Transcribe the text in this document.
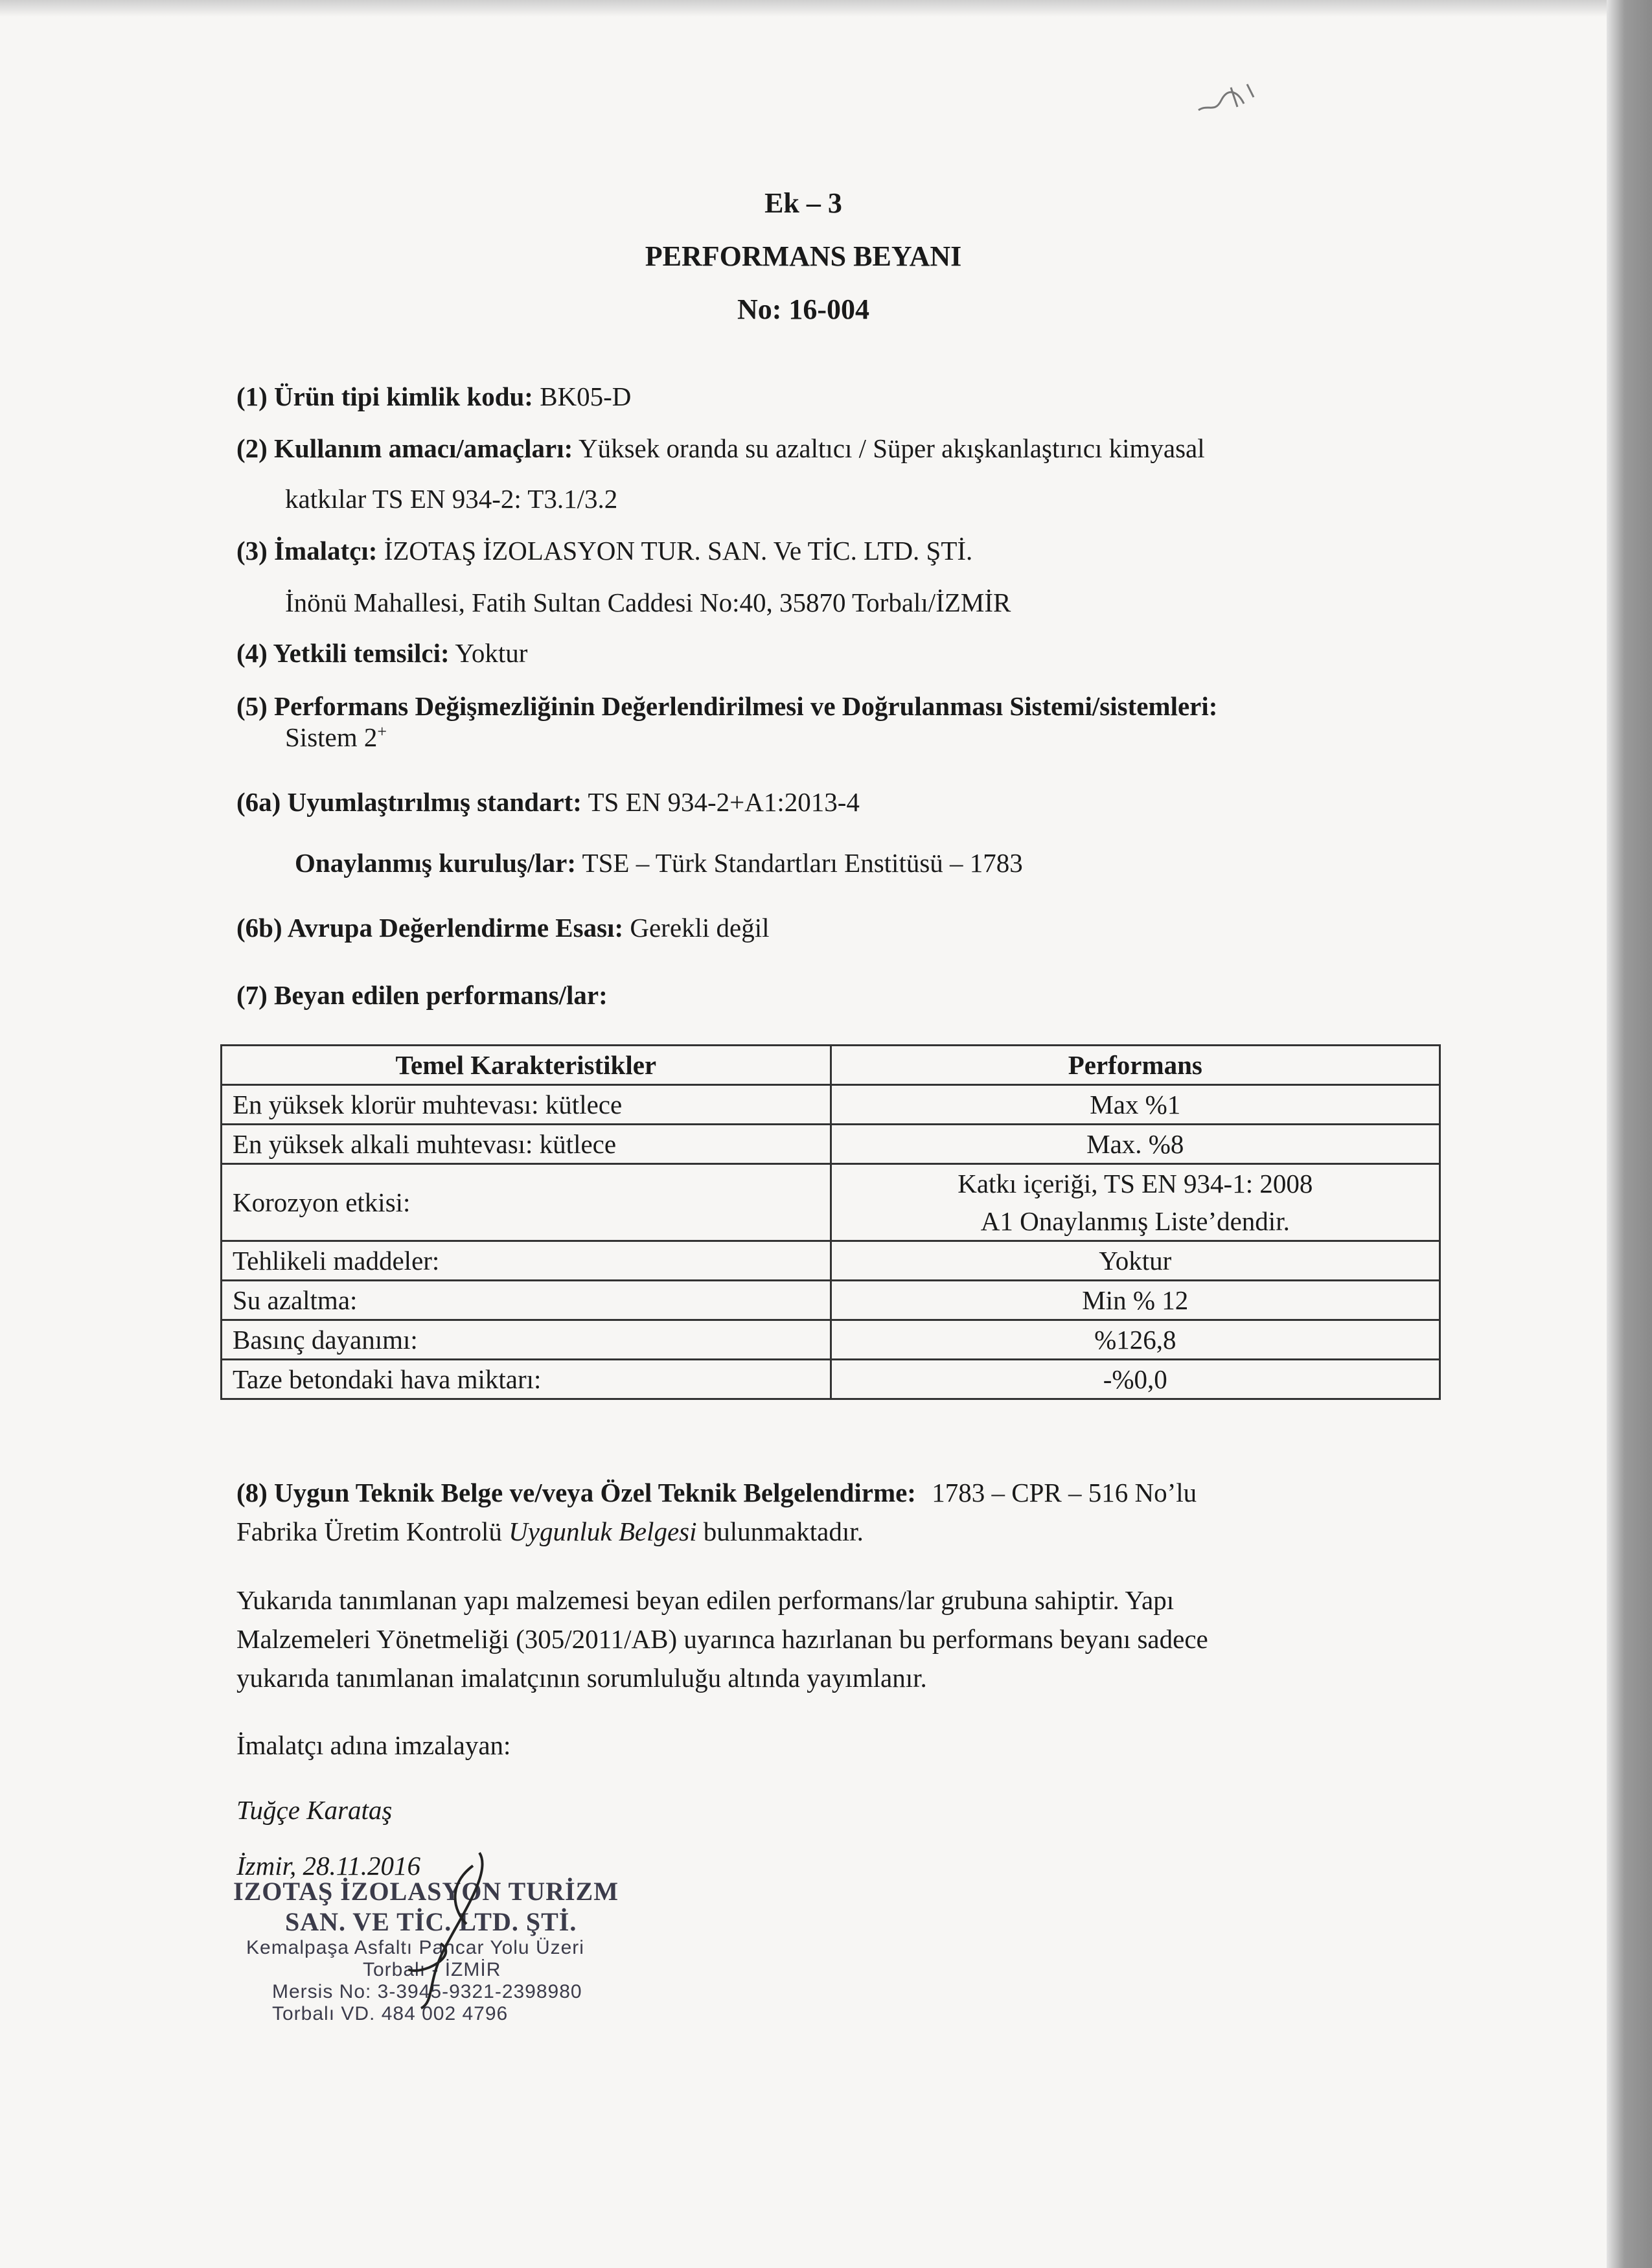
Ek – 3
PERFORMANS BEYANI
No: 16-004
(1) Ürün tipi kimlik kodu: BK05-D
(2) Kullanım amacı/amaçları: Yüksek oranda su azaltıcı / Süper akışkanlaştırıcı kimyasal
katkılar TS EN 934-2: T3.1/3.2
(3) İmalatçı: İZOTAŞ İZOLASYON TUR. SAN. Ve TİC. LTD. ŞTİ.
İnönü Mahallesi, Fatih Sultan Caddesi No:40, 35870 Torbalı/İZMİR
(4) Yetkili temsilci: Yoktur
(5) Performans Değişmezliğinin Değerlendirilmesi ve Doğrulanması Sistemi/sistemleri:
Sistem 2+
(6a) Uyumlaştırılmış standart: TS EN 934-2+A1:2013-4
Onaylanmış kuruluş/lar: TSE – Türk Standartları Enstitüsü – 1783
(6b) Avrupa Değerlendirme Esası: Gerekli değil
(7) Beyan edilen performans/lar:
Temel Karakteristikler	Performans
En yüksek klorür muhtevası: kütlece	Max %1
En yüksek alkali muhtevası: kütlece	Max. %8
Korozyon etkisi:	Katkı içeriği, TS EN 934-1: 2008
A1 Onaylanmış Liste’dendir.

Tehlikeli maddeler:	Yoktur
Su azaltma:	Min % 12
Basınç dayanımı:	%126,8
Taze betondaki hava miktarı:	-%0,0
(8) Uygun Teknik Belge ve/veya Özel Teknik Belgelendirme: 1783 – CPR – 516 No’lu
Fabrika Üretim Kontrolü Uygunluk Belgesi bulunmaktadır.
Yukarıda tanımlanan yapı malzemesi beyan edilen performans/lar grubuna sahiptir. Yapı
Malzemeleri Yönetmeliği (305/2011/AB) uyarınca hazırlanan bu performans beyanı sadece
yukarıda tanımlanan imalatçının sorumluluğu altında yayımlanır.
İmalatçı adına imzalayan:
Tuğçe Karataş
İzmir, 28.11.2016
IZOTAŞ İZOLASYON TURİZM
SAN. VE TİC. LTD. ŞTİ.
Kemalpaşa Asfaltı Pancar Yolu Üzeri
Torbalı - İZMİR
Mersis No: 3-3945-9321-2398980
Torbalı VD. 484 002 4796
